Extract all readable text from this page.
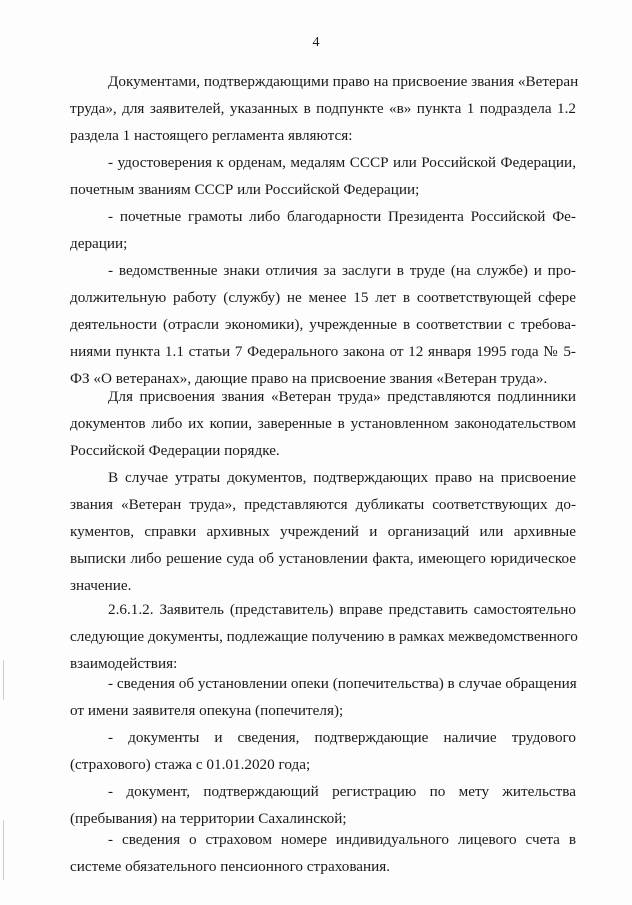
4
Документами, подтверждающими право на присвоение звания «Ветеран
труда», для заявителей, указанных в подпункте «в» пункта 1 подраздела 1.2
раздела 1 настоящего регламента являются:
- удостоверения к орденам, медалям СССР или Российской Федерации,
почетным званиям СССР или Российской Федерации;
- почетные грамоты либо благодарности Президента Российской Фе-
дерации;
- ведомственные знаки отличия за заслуги в труде (на службе) и про-
должительную работу (службу) не менее 15 лет в соответствующей сфере
деятельности (отрасли экономики), учрежденные в соответствии с требова-
ниями пункта 1.1 статьи 7 Федерального закона от 12 января 1995 года № 5-
ФЗ «О ветеранах», дающие право на присвоение звания «Ветеран труда».
Для присвоения звания «Ветеран труда» представляются подлинники
документов либо их копии, заверенные в установленном законодательством
Российской Федерации порядке.
В случае утраты документов, подтверждающих право на присвоение
звания «Ветеран труда», представляются дубликаты соответствующих до-
кументов, справки архивных учреждений и организаций или архивные
выписки либо решение суда об установлении факта, имеющего юридическое
значение.
2.6.1.2. Заявитель (представитель) вправе представить самостоятельно
следующие документы, подлежащие получению в рамках межведомственного
взаимодействия:
- сведения об установлении опеки (попечительства) в случае обращения
от имени заявителя опекуна (попечителя);
- документы и сведения, подтверждающие наличие трудового
(страхового) стажа с 01.01.2020 года;
- документ, подтверждающий регистрацию по мету жительства
(пребывания) на территории Сахалинской;
- сведения о страховом номере индивидуального лицевого счета в
системе обязательного пенсионного страхования.
